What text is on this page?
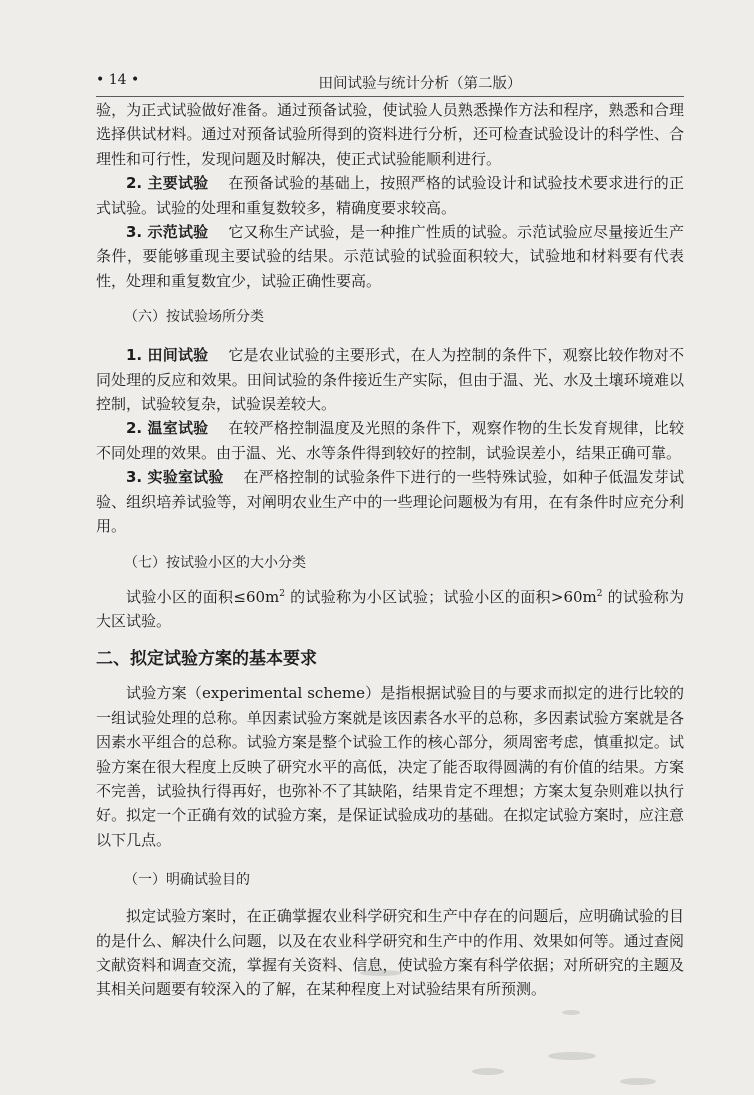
• 14 •	田间试验与统计分析（第二版）

验，为正式试验做好准备。通过预备试验，使试验人员熟悉操作方法和程序，熟悉和合理选择供试材料。通过对预备试验所得到的资料进行分析，还可检查试验设计的科学性、合理性和可行性，发现问题及时解决，使正式试验能顺利进行。

2. 主要试验 在预备试验的基础上，按照严格的试验设计和试验技术要求进行的正式试验。试验的处理和重复数较多，精确度要求较高。

3. 示范试验 它又称生产试验，是一种推广性质的试验。示范试验应尽量接近生产条件，要能够重现主要试验的结果。示范试验的试验面积较大，试验地和材料要有代表性，处理和重复数宜少，试验正确性要高。

（六）按试验场所分类

1. 田间试验 它是农业试验的主要形式，在人为控制的条件下，观察比较作物对不同处理的反应和效果。田间试验的条件接近生产实际，但由于温、光、水及土壤环境难以控制，试验较复杂，试验误差较大。

2. 温室试验 在较严格控制温度及光照的条件下，观察作物的生长发育规律，比较不同处理的效果。由于温、光、水等条件得到较好的控制，试验误差小，结果正确可靠。

3. 实验室试验 在严格控制的试验条件下进行的一些特殊试验，如种子低温发芽试验、组织培养试验等，对阐明农业生产中的一些理论问题极为有用，在有条件时应充分利用。

（七）按试验小区的大小分类

试验小区的面积$\le 60m^2$ 的试验称为小区试验；试验小区的面积$>60m^2$ 的试验称为大区试验。

二、拟定试验方案的基本要求

试验方案（experimental scheme）是指根据试验目的与要求而拟定的进行比较的一组试验处理的总称。单因素试验方案就是该因素各水平的总称，多因素试验方案就是各因素水平组合的总称。试验方案是整个试验工作的核心部分，须周密考虑，慎重拟定。试验方案在很大程度上反映了研究水平的高低，决定了能否取得圆满的有价值的结果。方案不完善，试验执行得再好，也弥补不了其缺陷，结果肯定不理想；方案太复杂则难以执行好。拟定一个正确有效的试验方案，是保证试验成功的基础。在拟定试验方案时，应注意以下几点。

（一）明确试验目的

拟定试验方案时，在正确掌握农业科学研究和生产中存在的问题后，应明确试验的目的是什么、解决什么问题，以及在农业科学研究和生产中的作用、效果如何等。通过查阅文献资料和调查交流，掌握有关资料、信息，使试验方案有科学依据；对所研究的主题及其相关问题要有较深入的了解，在某种程度上对试验结果有所预测。
